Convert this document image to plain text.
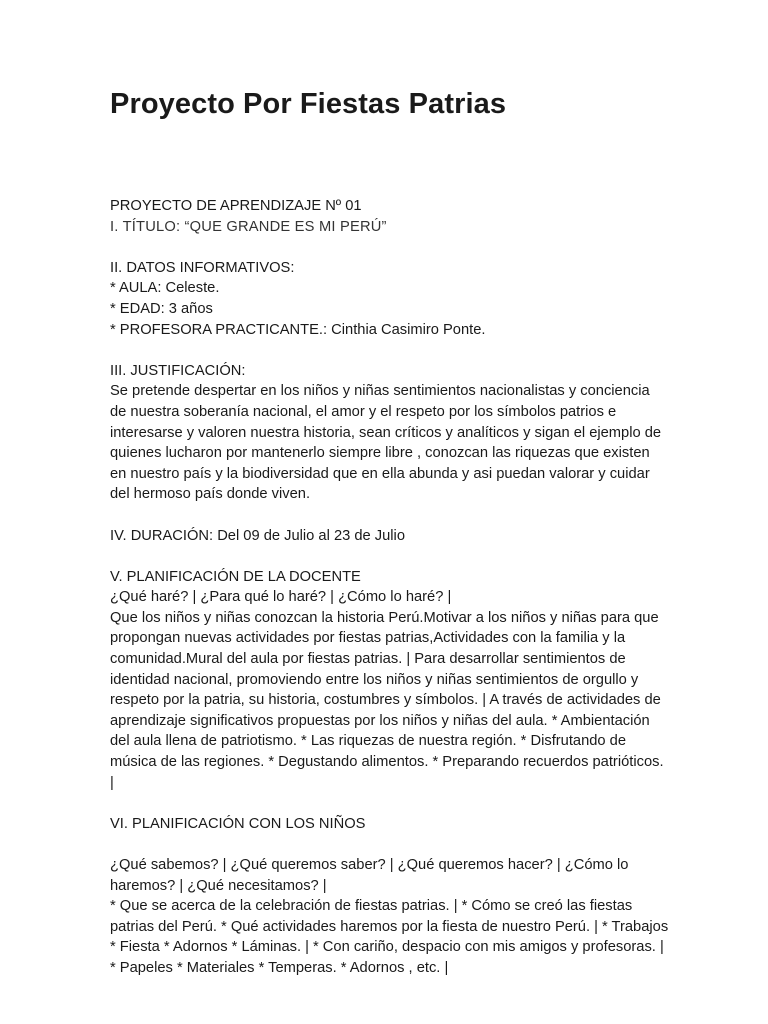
Proyecto Por Fiestas Patrias

PROYECTO DE APRENDIZAJE Nº 01

I. TÍTULO: “QUE GRANDE ES MI PERÚ”

II. DATOS INFORMATIVOS:

* AULA: Celeste.

* EDAD: 3 años

* PROFESORA PRACTICANTE.: Cinthia Casimiro Ponte.

III. JUSTIFICACIÓN:

Se pretende despertar en los niños y niñas sentimientos nacionalistas y conciencia de nuestra soberanía nacional, el amor y el respeto por los símbolos patrios e interesarse y valoren nuestra historia, sean críticos y analíticos y sigan el ejemplo de quienes lucharon por mantenerlo siempre libre , conozcan las riquezas que existen en nuestro país y la biodiversidad que en ella abunda y asi puedan valorar y cuidar del hermoso país donde viven.

IV. DURACIÓN: Del 09 de Julio al 23 de Julio

V. PLANIFICACIÓN DE LA DOCENTE

¿Qué haré? | ¿Para qué lo haré? | ¿Cómo lo haré? |

Que los niños y niñas conozcan la historia Perú.Motivar a los niños y niñas para que propongan nuevas actividades por fiestas patrias,Actividades con la familia y la comunidad.Mural del aula por fiestas patrias. | Para desarrollar sentimientos de identidad nacional, promoviendo entre los niños y niñas sentimientos de orgullo y respeto por la patria, su historia, costumbres y símbolos. | A través de actividades de aprendizaje significativos propuestas por los niños y niñas del aula. * Ambientación del aula llena de patriotismo. * Las riquezas de nuestra región. * Disfrutando de música de las regiones. * Degustando alimentos. * Preparando recuerdos patrióticos. |

VI. PLANIFICACIÓN CON LOS NIÑOS

¿Qué sabemos? | ¿Qué queremos saber? | ¿Qué queremos hacer? | ¿Cómo lo haremos? | ¿Qué necesitamos? |

* Que se acerca de la celebración de fiestas patrias. | * Cómo se creó las fiestas patrias del Perú. * Qué actividades haremos por la fiesta de nuestro Perú. | * Trabajos * Fiesta * Adornos * Láminas. | * Con cariño, despacio con mis amigos y profesoras. | * Papeles * Materiales * Temperas. * Adornos , etc. |
